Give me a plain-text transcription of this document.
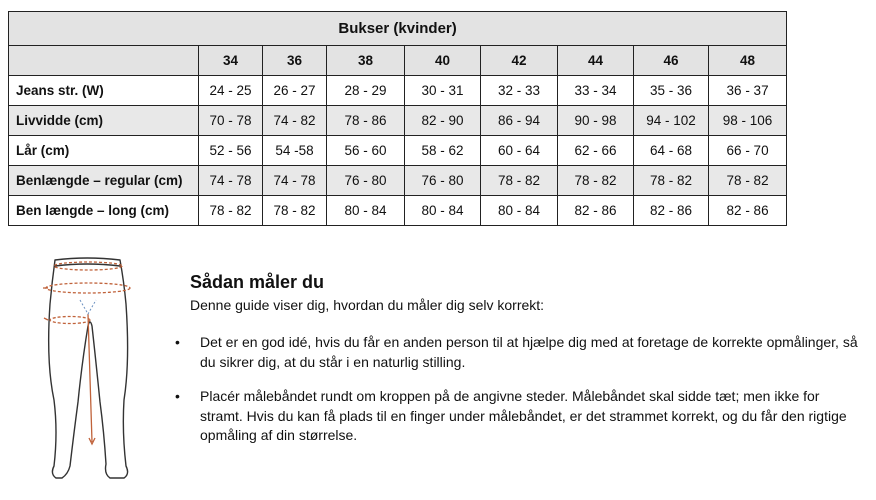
Bukser (kvinder)								
	34	36	38	40	42	44	46	48
Jeans str. (W)	24 - 25	26 - 27	28 - 29	30 - 31	32 - 33	33 - 34	35 - 36	36 - 37
Livvidde (cm)	70 - 78	74 - 82	78 - 86	82 - 90	86 - 94	90 - 98	94 - 102	98 - 106
Lår (cm)	52 - 56	54 -58	56 - 60	58 - 62	60 - 64	62 - 66	64 - 68	66 - 70
Benlængde – regular (cm)	74 - 78	74 - 78	76 - 80	76 - 80	78 - 82	78 - 82	78 - 82	78 - 82
Ben længde – long (cm)	78 - 82	78 - 82	80 - 84	80 - 84	80 - 84	82 - 86	82 - 86	82 - 86
Sådan måler du

Denne guide viser dig, hvordan du måler dig selv korrekt:

•	Det er en god idé, hvis du får en anden person til at hjælpe dig med at foretage de korrekte opmålinger, så du sikrer dig, at du står i en naturlig stilling.
•	Placér målebåndet rundt om kroppen på de angivne steder. Målebåndet skal sidde tæt; men ikke for stramt. Hvis du kan få plads til en finger under målebåndet, er det strammet korrekt, og du får den rigtige opmåling af din størrelse.
